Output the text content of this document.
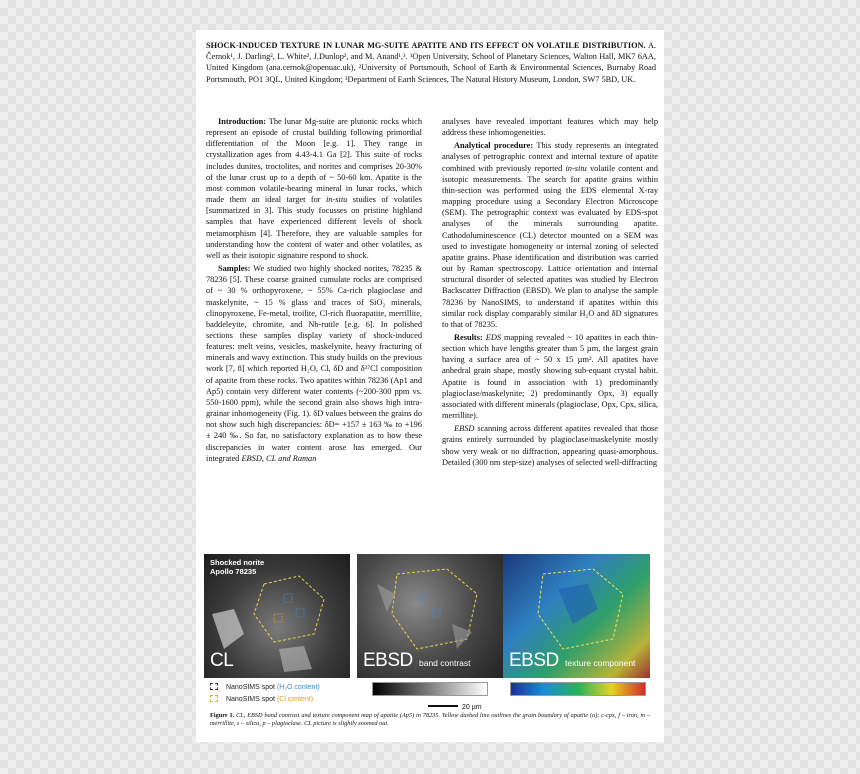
SHOCK-INDUCED TEXTURE IN LUNAR MG-SUITE APATITE AND ITS EFFECT ON VOLATILE DISTRIBUTION. A. Černok¹, J. Darling², L. White², J.Dunlop², and M. Anand¹,³. ¹Open University, School of Planetary Sciences, Walton Hall, MK7 6AA, United Kingdom (ana.cernok@openuac.uk), ²University of Portsmouth, School of Earth & Environmental Sciences, Burnaby Road Portsmouth, PO1 3QL, United Kingdom; ³Department of Earth Sciences, The Natural History Museum, London, SW7 5BD, UK.

Introduction: The lunar Mg-suite are plutonic rocks which represent an episode of crustal building following primordial differentiation of the Moon [e.g. 1]. They range in crystallization ages from 4.43-4.1 Ga [2]. This suite of rocks includes dunites, troctolites, and norites and comprises 20-30% of the lunar crust up to a depth of ~ 50-60 km. Apatite is the most common volatile-bearing mineral in lunar rocks, which made them an ideal target for in-situ studies of volatiles [summarized in 3]. This study focusses on pristine highland samples that have experienced different levels of shock metamorphism [4]. Therefore, they are valuable samples for understanding how the content of water and other volatiles, as well as their isotopic signature respond to shock.

Samples: We studied two highly shocked norites, 78235 & 78236 [5]. These coarse grained cumulate rocks are comprised of ~ 30 % orthopyroxene, ~ 55% Ca-rich plagioclase and maskelynite, ~ 15 % glass and traces of SiO₂ minerals, clinopyroxene, Fe-metal, troilite, Cl-rich fluorapatite, merrillite, baddeleyite, chromite, and Nb-rutile [e.g. 6]. In polished sections these samples display variety of shock-induced features: melt veins, vesicles, maskelynite, heavy fracturing of minerals and wavy extinction. This study builds on the previous work [7, 8] which reported H₂O, Cl, δD and δ³⁷Cl composition of apatite from these rocks. Two apatites within 78236 (Ap1 and Ap5) contain very different water contents (~200-300 ppm vs. 550-1600 ppm), while the second grain also shows high intra-grainar inhomogeneity (Fig. 1). δD values between the grains do not show such high discrepancies: δD= +157 ± 163 ‰ to +196 ± 240 ‰. So far, no satisfactory explanation as to how these discrepancies in water content arose has emerged. Our integrated EBSD, CL and Raman

analyses have revealed important features which may help address these inhomogeneities.

Analytical procedure: This study represents an integrated analyses of petrographic context and internal texture of apatite combined with previously reported in-situ volatile content and isotopic measurements. The search for apatite grains within thin-section was performed using the EDS elemental X-ray mapping procedure using a Secondary Electron Microscope (SEM). The petrographic context was evaluated by EDS-spot analyses of the minerals surrounding apatite. Cathodoluminescence (CL) detector mounted on a SEM was used to investigate homogeneity or internal zoning of selected apatite grains. Phase identification and distribution was carried out by Raman spectroscopy. Lattice orientation and internal structural disorder of selected apatites was studied by Electron Backscatter Diffraction (EBSD). We plan to analyse the sample 78236 by NanoSIMS, to understand if apatites within this similar rock display comparably similar H₂O and δD signatures to that of 78235.

Results: EDS mapping revealed ~ 10 apatites in each thin-section which have lengths greater than 5 µm, the largest grain having a surface area of ~ 50 x 15 µm². All apatites have anhedral grain shape, mostly showing sub-equant crystal habit. Apatite is found in association with 1) predominantly plagioclase/maskelynite; 2) predominantly Opx, 3) equally associated with different minerals (plagioclase, Opx, Cpx, silica, merrillite).

EBSD scanning across different apatites revealed that those grains entirely surrounded by plagioclase/maskelynite mostly show very weak or no diffraction, appearing quasi-amorphous. Detailed (300 nm step-size) analyses of selected well-diffracting

Shocked norite
Apollo 78235
CL	EBSD band contrast EBSD texture component
NanoSIMS spot (H₂O content)
NanoSIMS spot (Cl content)
20 µm
Figure 1. CL, EBSD band contrast and texture component map of apatite (Ap5) in 78235. Yellow dashed line outlines the grain boundary of apatite (a); c-cpx, f – iron, m – merrillite, s – silica, p – plagioclase. CL picture is slightly zoomed out.
